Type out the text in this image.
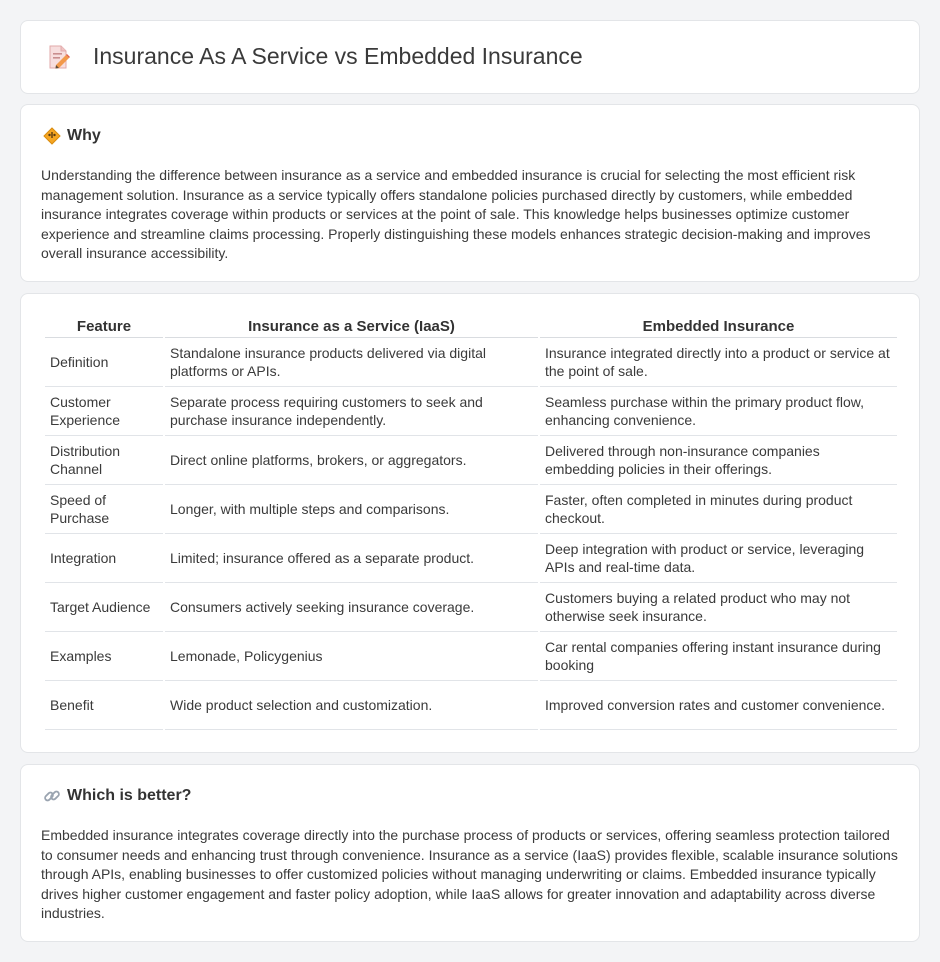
Insurance As A Service vs Embedded Insurance
Why

Understanding the difference between insurance as a service and embedded insurance is crucial for selecting the most efficient risk management solution. Insurance as a service typically offers standalone policies purchased directly by customers, while embedded insurance integrates coverage within products or services at the point of sale. This knowledge helps businesses optimize customer experience and streamline claims processing. Properly distinguishing these models enhances strategic decision-making and improves overall insurance accessibility.

Feature	Insurance as a Service (IaaS)	Embedded Insurance
Definition	Standalone insurance products delivered via digital platforms or APIs.	Insurance integrated directly into a product or service at the point of sale.
Customer Experience	Separate process requiring customers to seek and purchase insurance independently.	Seamless purchase within the primary product flow, enhancing convenience.
Distribution Channel	Direct online platforms, brokers, or aggregators.	Delivered through non-insurance companies embedding policies in their offerings.
Speed of Purchase	Longer, with multiple steps and comparisons.	Faster, often completed in minutes during product checkout.
Integration	Limited; insurance offered as a separate product.	Deep integration with product or service, leveraging APIs and real-time data.
Target Audience	Consumers actively seeking insurance coverage.	Customers buying a related product who may not otherwise seek insurance.
Examples	Lemonade, Policygenius	Car rental companies offering instant insurance during booking
Benefit	Wide product selection and customization.	Improved conversion rates and customer convenience.
Which is better?

Embedded insurance integrates coverage directly into the purchase process of products or services, offering seamless protection tailored to consumer needs and enhancing trust through convenience. Insurance as a service (IaaS) provides flexible, scalable insurance solutions through APIs, enabling businesses to offer customized policies without managing underwriting or claims. Embedded insurance typically drives higher customer engagement and faster policy adoption, while IaaS allows for greater innovation and adaptability across diverse industries.
